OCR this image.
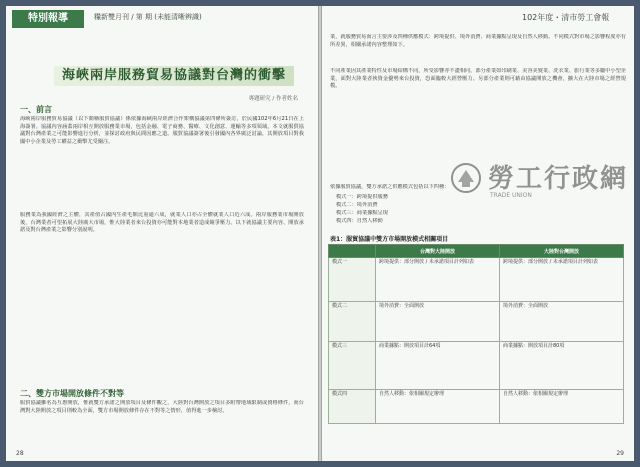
特別報導	糧新雙月刊 / 第 期 (未能清晰辨識)
海峽兩岸服務貿易協議對台灣的衝擊
專題研究 / 作者姓名
一、前言
海峽兩岸服務貿易協議（以下簡稱服貿協議）係依據海峽兩岸經濟合作架構協議第四條所簽訂，於民國102年6月21日在上海簽署。協議內容涵蓋兩岸相互開放服務業市場，包括金融、電子商務、醫療、文化創意、運輸等多項領域。本文就服貿協議對台灣產業之可能影響進行分析，並探討政府與民間因應之道。服貿協議簽署後引發國內各界廣泛討論，其開放項目對我國中小企業及勞工權益之衝擊尤受關注。
服務業為我國經濟之主體，其產值占國內生產毛額比重逾六成，就業人口亦占全體就業人口近六成。兩岸服務業市場開放後，台灣業者可望拓展大陸廣大市場，惟大陸業者來台投資亦可能對本地業者造成競爭壓力。以下就協議主要內容、開放承諾及對台灣產業之影響分別說明。
二、雙方市場開放條件不對等
服貿協議雖名為互惠開放，惟就雙方承諾之開放項目及條件觀之，大陸對台灣開放之項目多附帶地域限制或資格條件，而台灣對大陸開放之項目則較為全面，雙方市場開放條件存在不對等之情形，值得進一步檢討。
28
102年度・清市勞工會報
業，就服務貿易而言主要涉及四種供應模式：跨境提供、境外消費、商業據點呈現及自然人移動。不同模式對市場之影響程度亦有所差異，相關承諾內容整理如下。
不同產業因其產業特性及市場結構不同，所受影響亦不盡相同。部分產業如印刷業、美容美髮業、洗衣業、旅行業等多屬中小型企業，面對大陸業者挾資金優勢來台投資，恐面臨較大經營壓力。另部分產業則可藉由協議開放之機會，擴大在大陸市場之經營規模。
依據服貿協議，雙方承諾之供應模式包括以下四種：
模式一：跨境提供服務
模式二：境外消費
模式三：商業據點呈現
模式四：自然人移動
表1：服貿協議中雙方市場開放模式相關項目
	台灣對大陸開放	大陸對台灣開放
模式一	跨境提供：部分開放 / 未承諾項目計列如表	跨境提供：部分開放 / 未承諾項目計列如表
模式二	境外消費：全面開放	境外消費：全面開放
模式三	商業據點：開放項目計64項	商業據點：開放項目計80項
模式四	自然人移動：依相關規定辦理	自然人移動：依相關規定辦理
29
勞工行政網
TRADE UNION
